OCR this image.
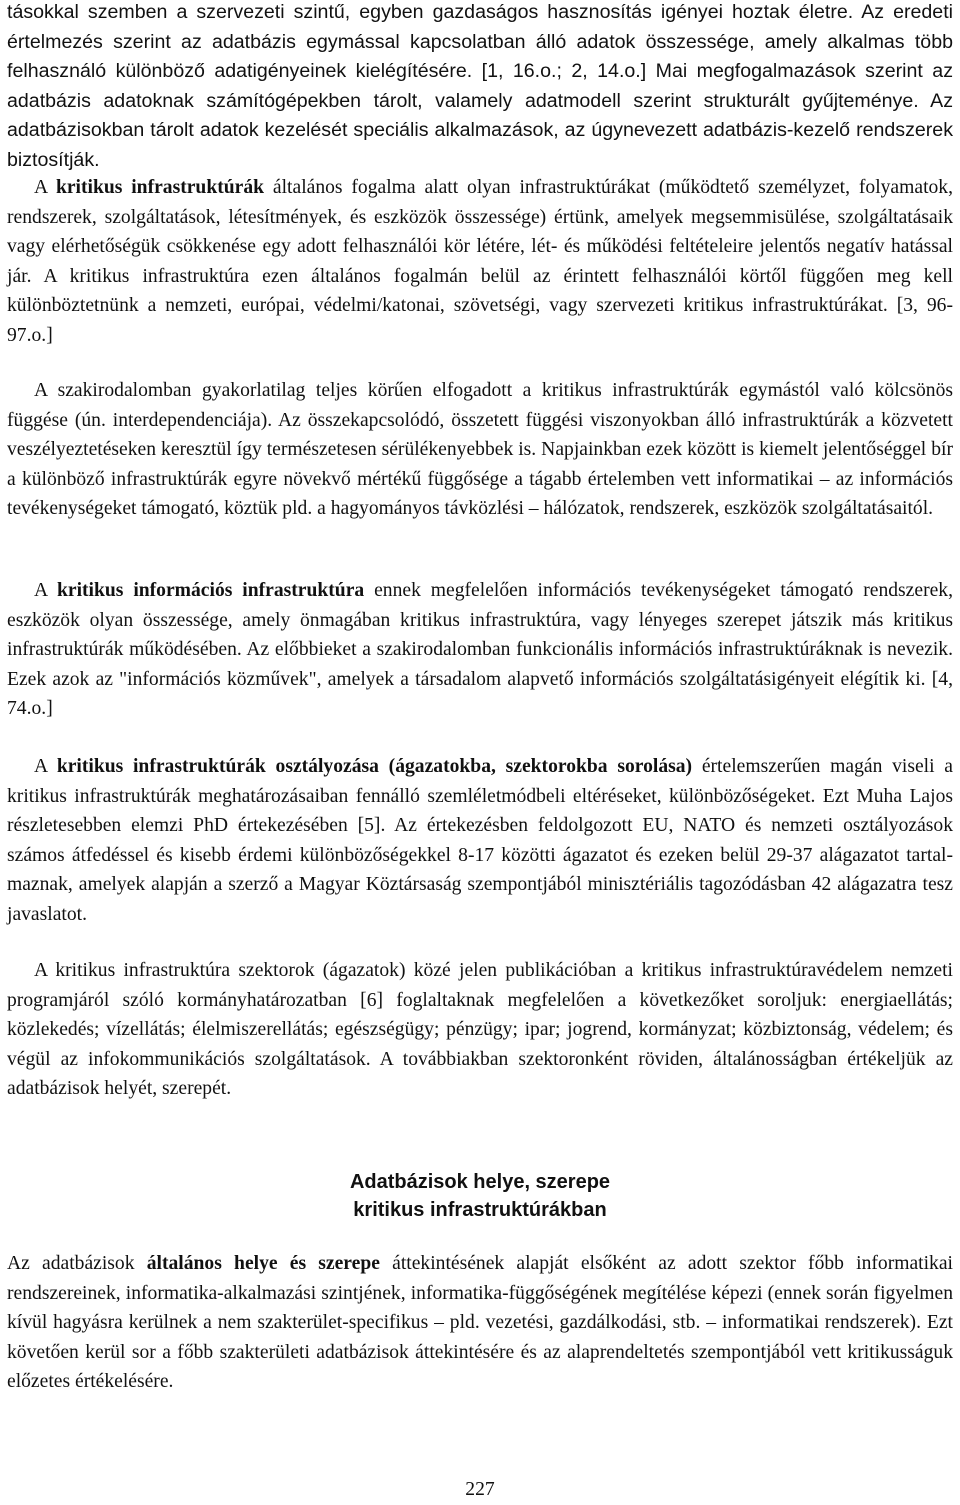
tásokkal szemben a szervezeti szintű, egyben gazdaságos hasznosítás igényei hoztak életre. Az eredeti értelmezés szerint az adatbázis egymással kapcsolatban álló adatok összessége, amely alkalmas több felhasználó különböző adatigényeinek kielégítésére. [1, 16.o.; 2, 14.o.] Mai megfogalmazások szerint az adatbázis adatoknak számítógépekben tárolt, valamely adatmodell szerint strukturált gyűjteménye. Az adatbázisokban tárolt adatok kezelését speciális alkalmazások, az úgynevezett adatbázis-kezelő rendszerek biztosítják.

A kritikus infrastruktúrák általános fogalma alatt olyan infrastruktúrákat (működtető személyzet, folyamatok, rendszerek, szolgáltatások, létesítmények, és eszközök összessége) értünk, amelyek megsemmisülése, szolgáltatásaik vagy elérhetőségük csökkenése egy adott felhasználói kör létére, lét- és működési feltételeire jelentős negatív hatással jár. A kritikus infrastruktúra ezen általános fogalmán belül az érintett felhasználói körtől függően meg kell különböztetnünk a nemzeti, európai, védelmi/katonai, szövetségi, vagy szervezeti kritikus infrastruktúrákat. [3, 96-97.o.]

A szakirodalomban gyakorlatilag teljes körűen elfogadott a kritikus infrastruktúrák egymástól való kölcsönös függése (ún. interdependenciája). Az összekapcsolódó, összetett függési viszonyokban álló infrastruktúrák a közvetett veszélyeztetéseken keresztül így természetesen sérülékenyebbek is. Napjainkban ezek között is kiemelt jelentőséggel bír a különböző infrastruktúrák egyre növekvő mértékű függősége a tágabb értelemben vett informatikai – az információs tevékenységeket támogató, köztük pld. a hagyományos távközlési – hálózatok, rendszerek, eszközök szolgáltatásaitól.

A kritikus információs infrastruktúra ennek megfelelően információs tevékenységeket támogató rendszerek, eszközök olyan összessége, amely önmagában kritikus infrastruktúra, vagy lényeges szerepet játszik más kritikus infrastruktúrák működésében. Az előbbieket a szakirodalomban funkcionális információs infrastruktúráknak is nevezik. Ezek azok az "információs közművek", amelyek a társadalom alapvető információs szolgáltatásigényeit elégítik ki. [4, 74.o.]

A kritikus infrastruktúrák osztályozása (ágazatokba, szektorokba sorolása) értelemszerűen magán viseli a kritikus infrastruktúrák meghatározásaiban fennálló szemléletmódbeli eltéréseket, különbözőségeket. Ezt Muha Lajos részletesebben elemzi PhD értekezésében [5]. Az értekezésben feldolgozott EU, NATO és nemzeti osztályozások számos átfedéssel és kisebb érdemi különbözőségekkel 8-17 közötti ágazatot és ezeken belül 29-37 alágazatot tartalmaznak, amelyek alapján a szerző a Magyar Köztársaság szempontjából minisztériális tagozódásban 42 alágazatra tesz javaslatot.

A kritikus infrastruktúra szektorok (ágazatok) közé jelen publikációban a kritikus infrastruktúravédelem nemzeti programjáról szóló kormányhatározatban [6] foglaltaknak megfelelően a következőket soroljuk: energiaellátás; közlekedés; vízellátás; élelmiszerellátás; egészségügy; pénzügy; ipar; jogrend, kormányzat; közbiztonság, védelem; és végül az infokommunikációs szolgáltatások. A továbbiakban szektoronként röviden, általánosságban értékeljük az adatbázisok helyét, szerepét.

Adatbázisok helye, szerepe

kritikus infrastruktúrákban

Az adatbázisok általános helye és szerepe áttekintésének alapját elsőként az adott szektor főbb informatikai rendszereinek, informatika-alkalmazási szintjének, informatika-függőségének megítélése képezi (ennek során figyelmen kívül hagyásra kerülnek a nem szakterület-specifikus – pld. vezetési, gazdálkodási, stb. – informatikai rendszerek). Ezt követően kerül sor a főbb szakterületi adatbázisok áttekintésére és az alaprendeltetés szempontjából vett kritikusságuk előzetes értékelésére.

227
